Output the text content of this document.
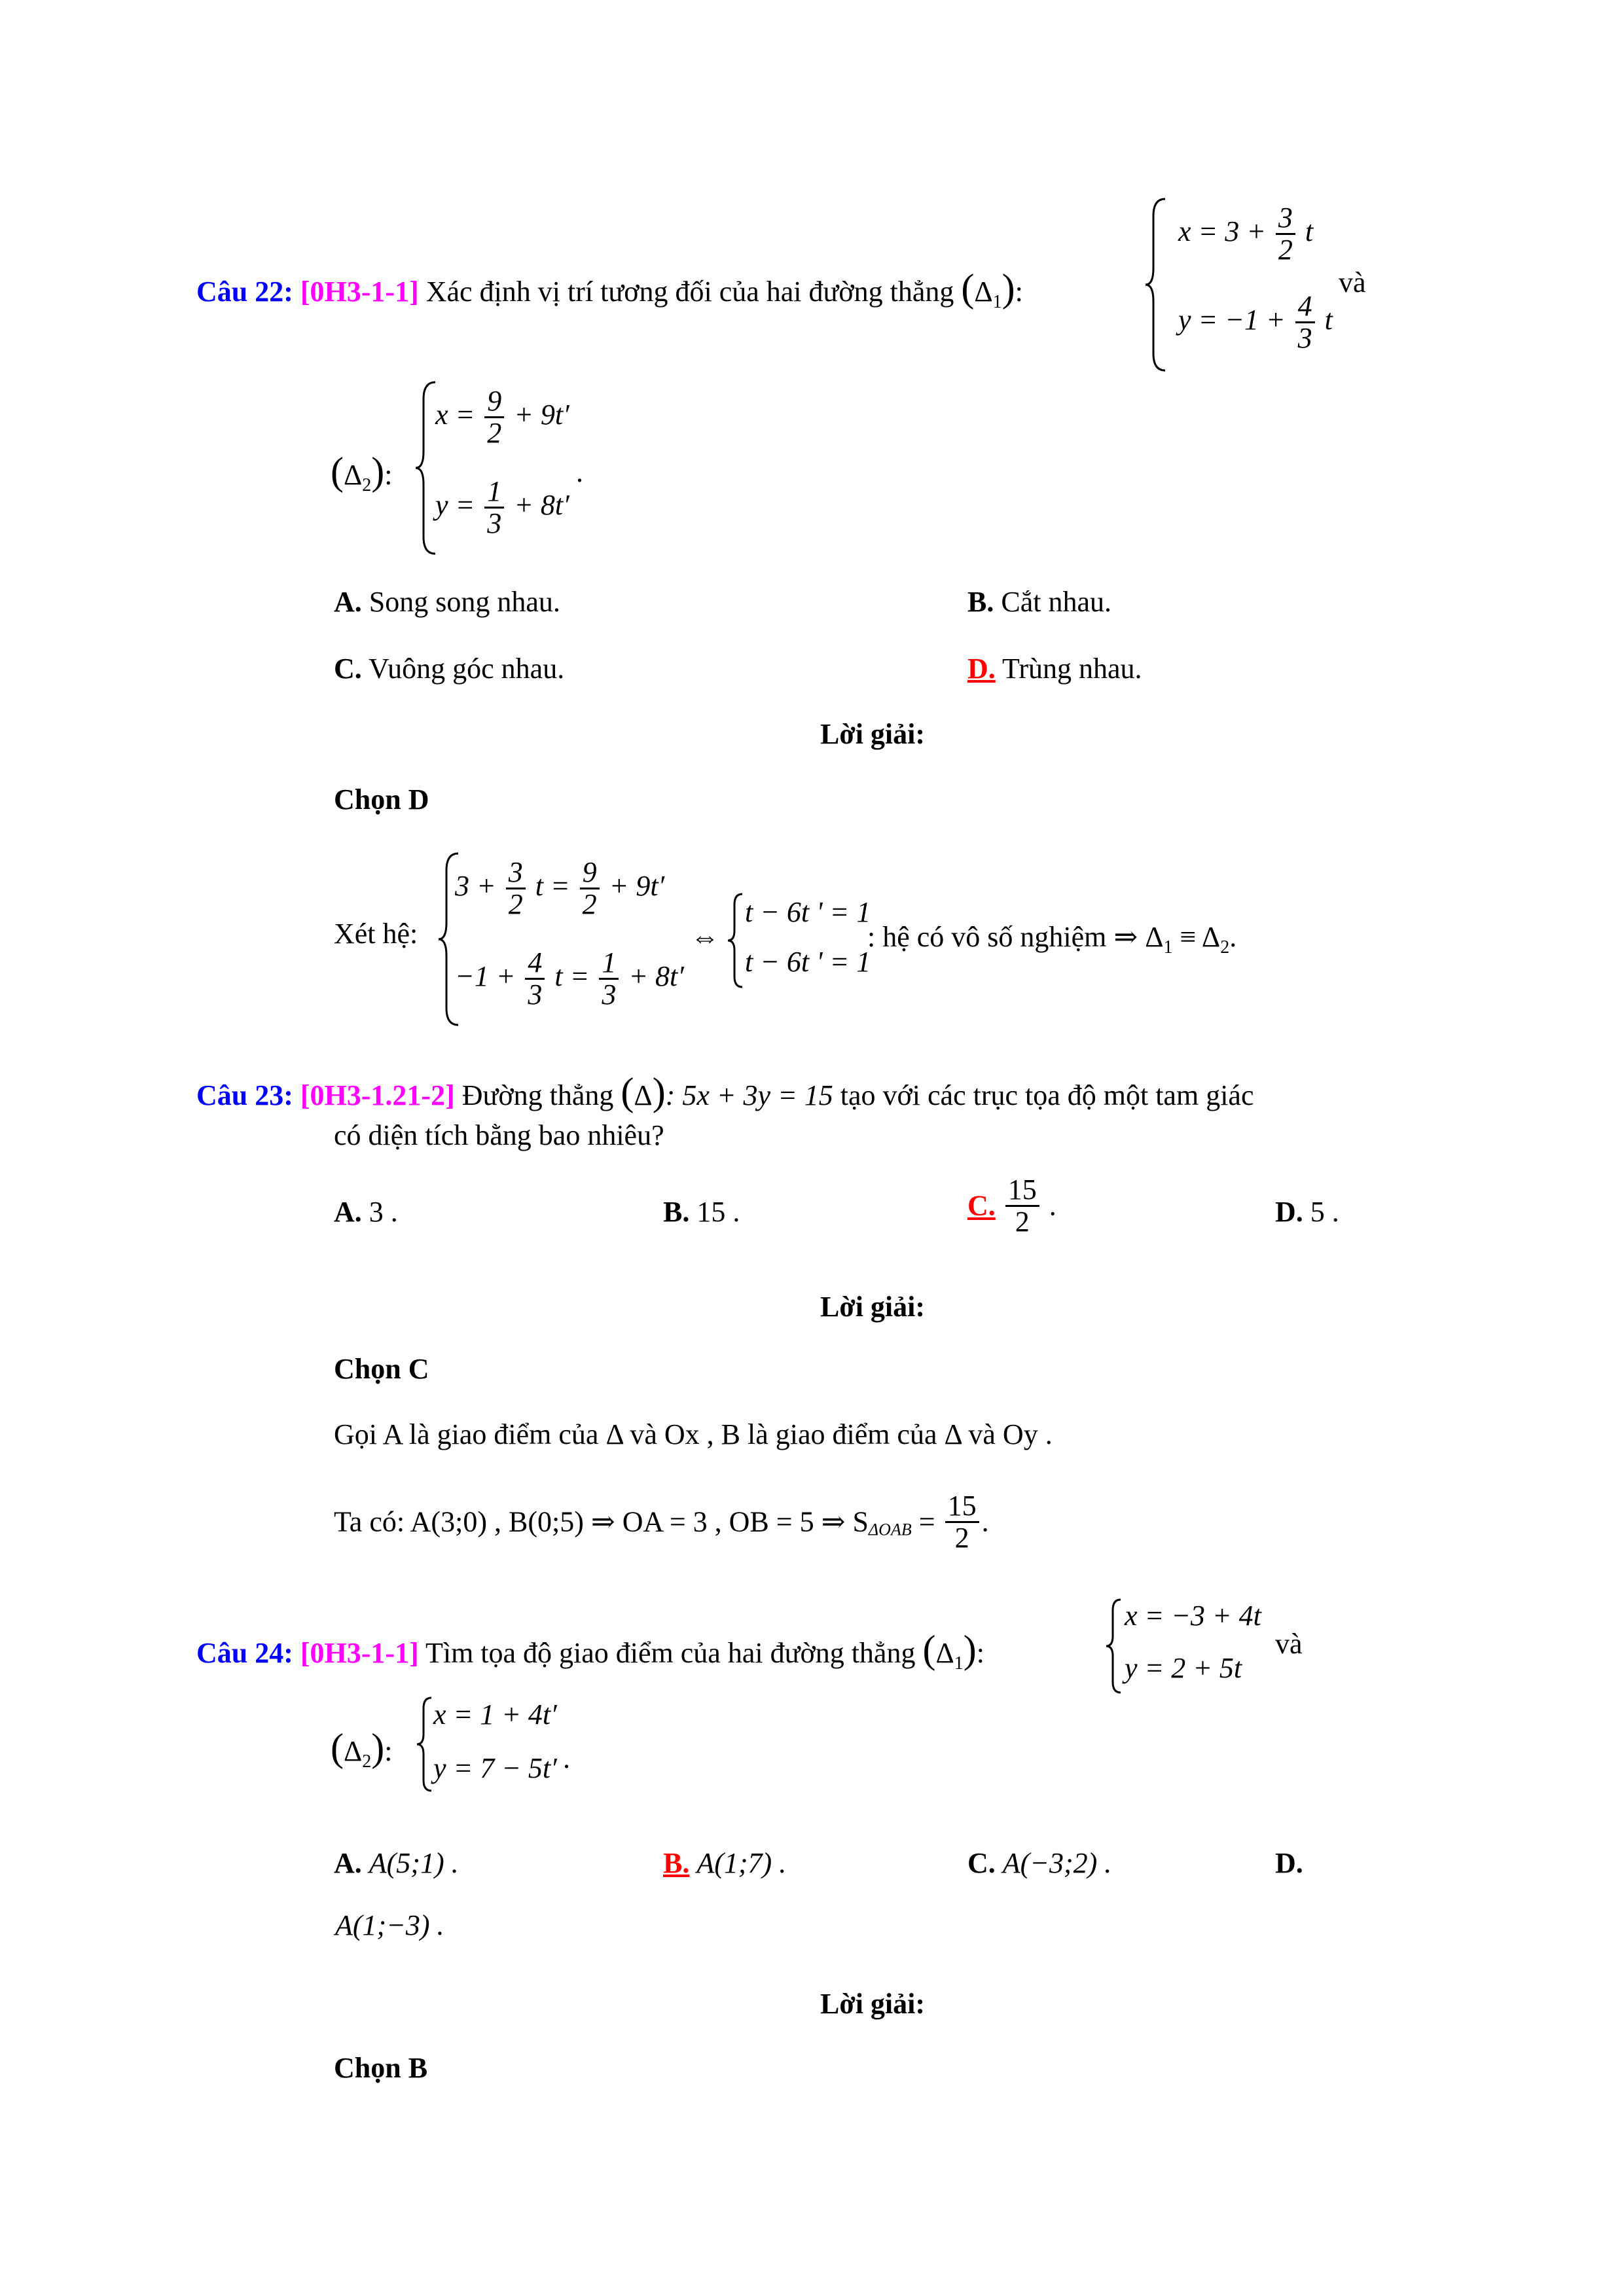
Câu 22: [0H3-1-1] Xác định vị trí tương đối của hai đường thẳng $(\Delta_1)$:
$x = 3 + \frac{3}{2}$ t
$y = -1 + \frac{4}{3}$ t
và
$(\Delta_2)$:
$x = \frac{9}{2} + 9t'$
$y = \frac{1}{3} + 8t'$
.
A. Song song nhau.	B. Cắt nhau.
C. Vuông góc nhau.	D. Trùng nhau.
Lời giải:
Chọn D
Xét hệ:
$3 + \frac{3}{2}$ $t = \frac{9}{2} + 9t'$
$-1 + \frac{4}{3}$ $t = \frac{1}{3} + 8t'$
⇔
t − 6t ' = 1
t − 6t ' = 1
: hệ có vô số nghiệm ⇒ $\Delta_1 \equiv \Delta_2$.
Câu 23: [0H3-1.21-2] Đường thẳng (Δ): 5x + 3y = 15 tạo với các trục tọa độ một tam giác
có diện tích bằng bao nhiêu?
A. 3 .	B. 15 .	C. $\frac{15}{2}$ .	D. 5 .
Lời giải:
Chọn C
Gọi A là giao điểm của Δ và Ox , B là giao điểm của Δ và Oy .
Ta có: A(3;0) , B(0;5) ⇒ OA = 3 , OB = 5 ⇒ $S_{\Delta OAB} = \frac{15}{2}$ .
Câu 24: [0H3-1-1] Tìm tọa độ giao điểm của hai đường thẳng $(\Delta_1)$:
x = −3 + 4t
y = 2 + 5t
và
$(\Delta_2)$:
x = 1 + 4t′
y = 7 − 5t′ .
A. A(5;1) .	B. A(1;7) .	C. A(−3;2) .	D.
A(1;−3) .
Lời giải:
Chọn B
